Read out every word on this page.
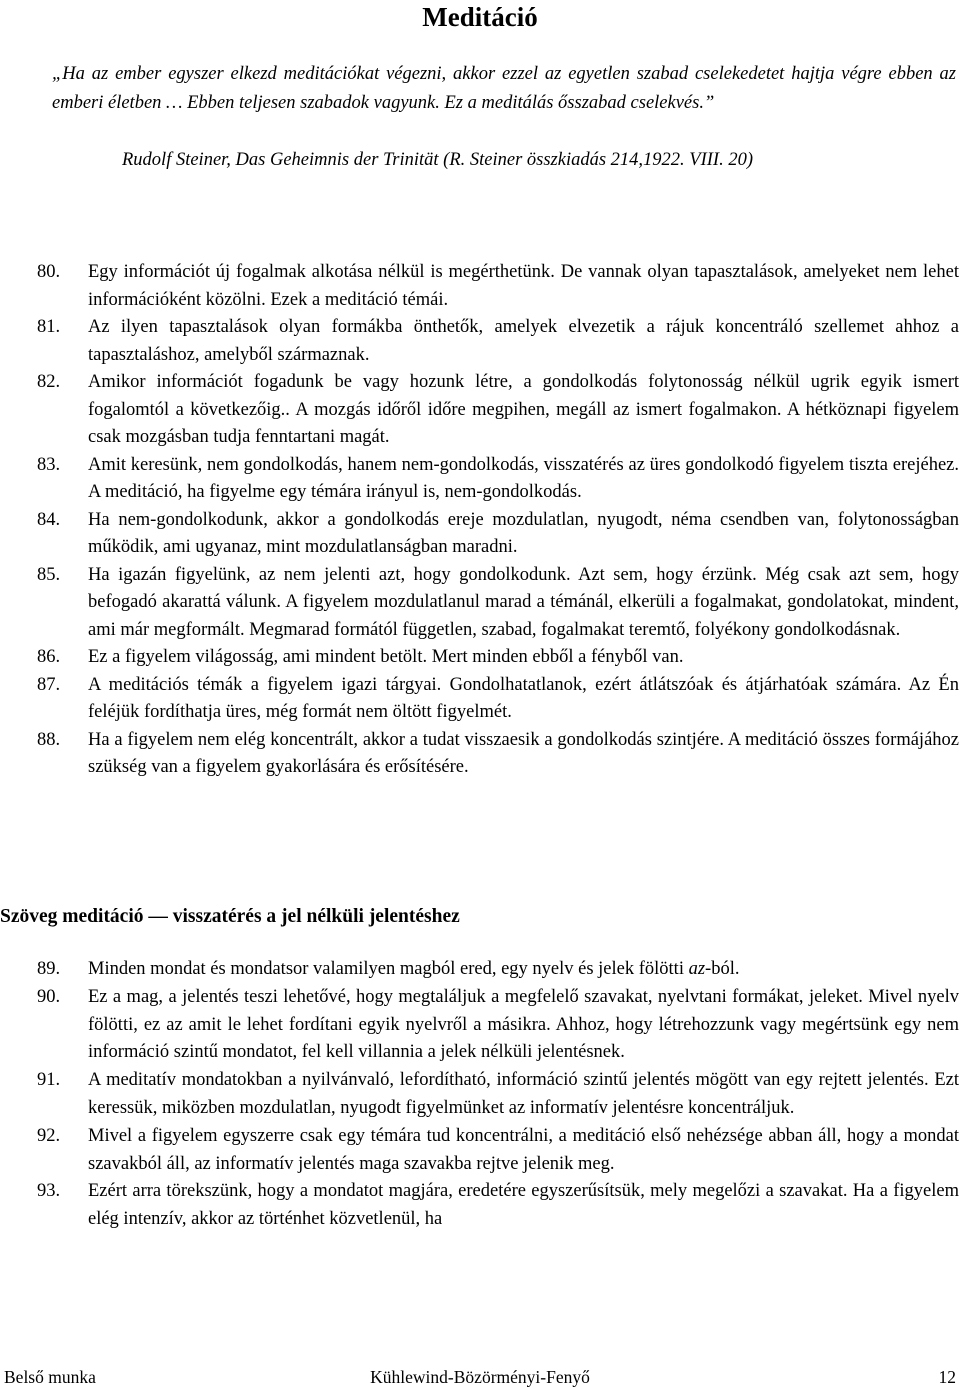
Meditáció
„Ha az ember egyszer elkezd meditációkat végezni, akkor ezzel az egyetlen szabad cselekedetet hajtja végre ebben az emberi életben … Ebben teljesen szabadok vagyunk. Ez a meditálás ősszabad cselekvés.”
Rudolf Steiner, Das Geheimnis der Trinität (R. Steiner összkiadás 214,1922. VIII. 20)
80. Egy információt új fogalmak alkotása nélkül is megérthetünk. De vannak olyan tapasztalások, amelyeket nem lehet információként közölni. Ezek a meditáció témái.
81. Az ilyen tapasztalások olyan formákba önthetők, amelyek elvezetik a rájuk koncentráló szellemet ahhoz a tapasztaláshoz, amelyből származnak.
82. Amikor információt fogadunk be vagy hozunk létre, a gondolkodás folytonosság nélkül ugrik egyik ismert fogalomtól a következőig.. A mozgás időről időre megpihen, megáll az ismert fogalmakon. A hétköznapi figyelem csak mozgásban tudja fenntartani magát.
83. Amit keresünk, nem gondolkodás, hanem nem-gondolkodás, visszatérés az üres gondolkodó figyelem tiszta erejéhez. A meditáció, ha figyelme egy témára irányul is, nem-gondolkodás.
84. Ha nem-gondolkodunk, akkor a gondolkodás ereje mozdulatlan, nyugodt, néma csendben van, folytonosságban működik, ami ugyanaz, mint mozdulatlanságban maradni.
85. Ha igazán figyelünk, az nem jelenti azt, hogy gondolkodunk. Azt sem, hogy érzünk. Még csak azt sem, hogy befogadó akarattá válunk. A figyelem mozdulatlanul marad a témánál, elkerüli a fogalmakat, gondolatokat, mindent, ami már megformált. Megmarad formától független, szabad, fogalmakat teremtő, folyékony gondolkodásnak.
86. Ez a figyelem világosság, ami mindent betölt. Mert minden ebből a fényből van.
87. A meditációs témák a figyelem igazi tárgyai. Gondolhatatlanok, ezért átlátszóak és átjárhatóak számára. Az Én feléjük fordíthatja üres, még formát nem öltött figyelmét.
88. Ha a figyelem nem elég koncentrált, akkor a tudat visszaesik a gondolkodás szintjére. A meditáció összes formájához szükség van a figyelem gyakorlására és erősítésére.
Szöveg meditáció — visszatérés a jel nélküli jelentéshez
89. Minden mondat és mondatsor valamilyen magból ered, egy nyelv és jelek fölötti az-ból.
90. Ez a mag, a jelentés teszi lehetővé, hogy megtaláljuk a megfelelő szavakat, nyelvtani formákat, jeleket. Mivel nyelv fölötti, ez az amit le lehet fordítani egyik nyelvről a másikra. Ahhoz, hogy létrehozzunk vagy megértsünk egy nem információ szintű mondatot, fel kell villannia a jelek nélküli jelentésnek.
91. A meditatív mondatokban a nyilvánvaló, lefordítható, információ szintű jelentés mögött van egy rejtett jelentés. Ezt keressük, miközben mozdulatlan, nyugodt figyelmünket az informatív jelentésre koncentráljuk.
92. Mivel a figyelem egyszerre csak egy témára tud koncentrálni, a meditáció első nehézsége abban áll, hogy a mondat szavakból áll, az informatív jelentés maga szavakba rejtve jelenik meg.
93. Ezért arra törekszünk, hogy a mondatot magjára, eredetére egyszerűsítsük, mely megelőzi a szavakat. Ha a figyelem elég intenzív, akkor az történhet közvetlenül, ha
Kühlewind-Bözörményi-Fenyő
Belső munka	12
